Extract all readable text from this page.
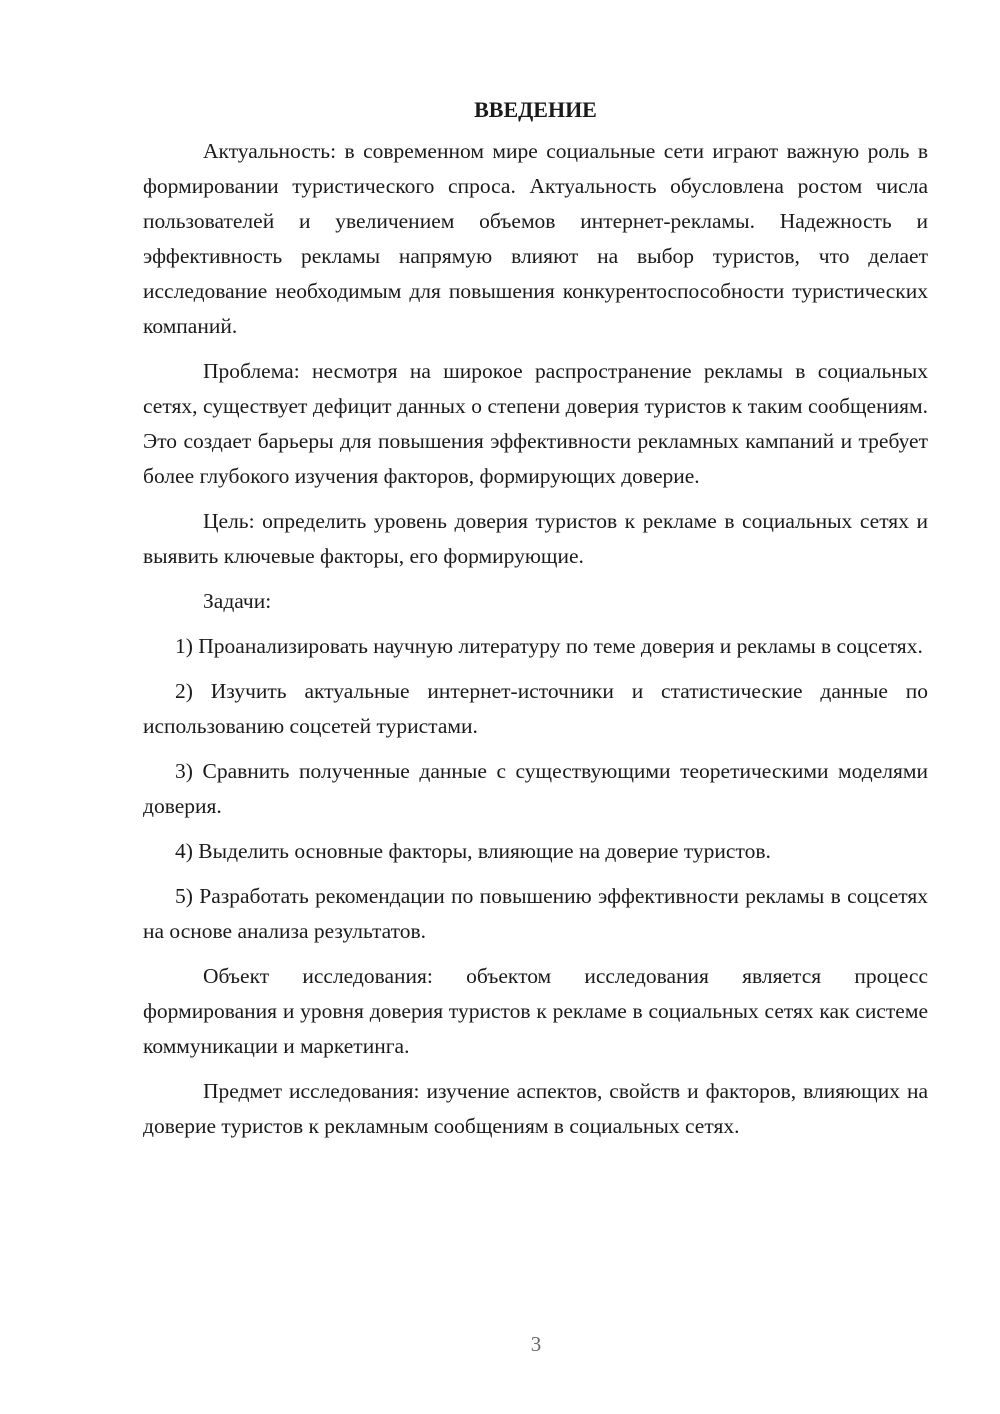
ВВЕДЕНИЕ

Актуальность: в современном мире социальные сети играют важную роль в формировании туристического спроса. Актуальность обусловлена ростом числа пользователей и увеличением объемов интернет-рекламы. Надежность и эффективность рекламы напрямую влияют на выбор туристов, что делает исследование необходимым для повышения конкурентоспособности туристических компаний.

Проблема: несмотря на широкое распространение рекламы в социальных сетях, существует дефицит данных о степени доверия туристов к таким сообщениям. Это создает барьеры для повышения эффективности рекламных кампаний и требует более глубокого изучения факторов, формирующих доверие.

Цель: определить уровень доверия туристов к рекламе в социальных сетях и выявить ключевые факторы, его формирующие.

Задачи:

1) Проанализировать научную литературу по теме доверия и рекламы в соцсетях.

2) Изучить актуальные интернет-источники и статистические данные по использованию соцсетей туристами.

3) Сравнить полученные данные с существующими теоретическими моделями доверия.

4) Выделить основные факторы, влияющие на доверие туристов.

5) Разработать рекомендации по повышению эффективности рекламы в соцсетях на основе анализа результатов.

Объект исследования: объектом исследования является процесс формирования и уровня доверия туристов к рекламе в социальных сетях как системе коммуникации и маркетинга.

Предмет исследования: изучение аспектов, свойств и факторов, влияющих на доверие туристов к рекламным сообщениям в социальных сетях.

3
